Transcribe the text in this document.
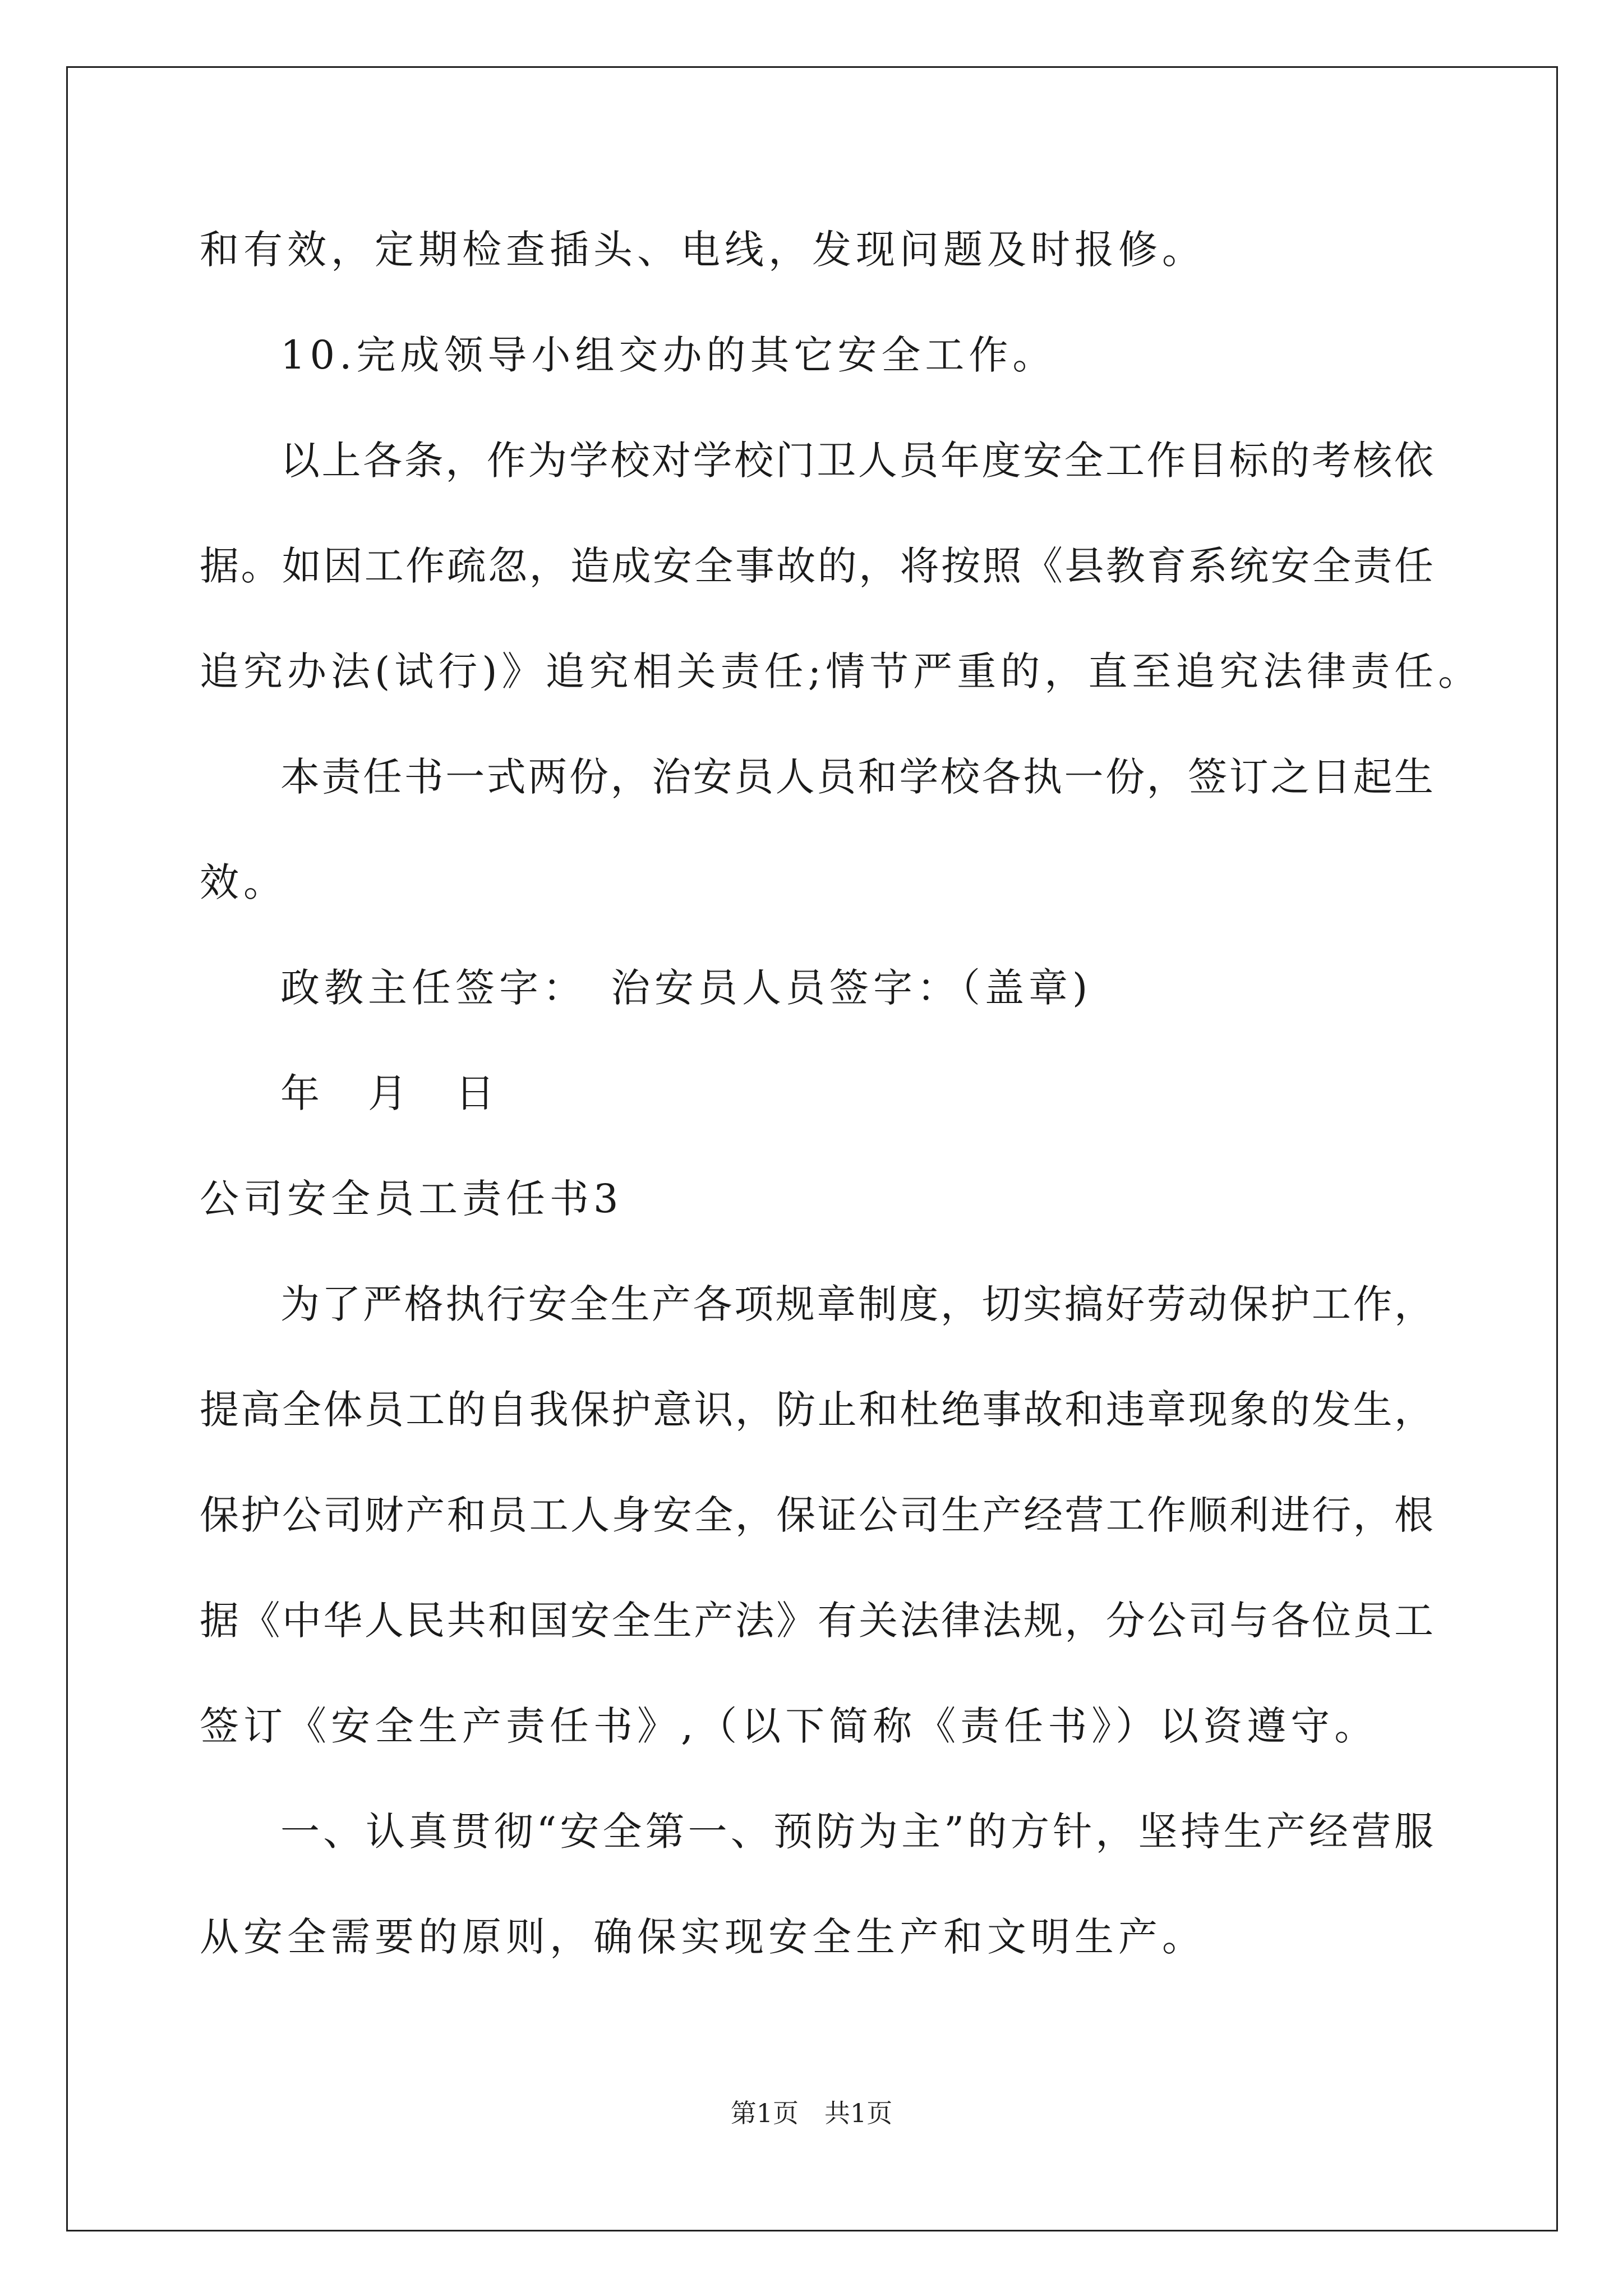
和有效，定期检查插头、电线，发现问题及时报修。
10.完成领导小组交办的其它安全工作。
以上各条，作为学校对学校门卫人员年度安全工作目标的考核依
据。如因工作疏忽，造成安全事故的，将按照《县教育系统安全责任
追究办法(试行)》追究相关责任;情节严重的，直至追究法律责任。
本责任书一式两份，治安员人员和学校各执一份，签订之日起生
效。
政教主任签字：　治安员人员签字：（盖章)
年　月　日
公司安全员工责任书3
为了严格执行安全生产各项规章制度，切实搞好劳动保护工作，
提高全体员工的自我保护意识，防止和杜绝事故和违章现象的发生，
保护公司财产和员工人身安全，保证公司生产经营工作顺利进行，根
据《中华人民共和国安全生产法》有关法律法规，分公司与各位员工
签订《安全生产责任书》,（以下简称《责任书》）以资遵守。
一、认真贯彻“安全第一、预防为主”的方针，坚持生产经营服
从安全需要的原则，确保实现安全生产和文明生产。
第1页　共1页
